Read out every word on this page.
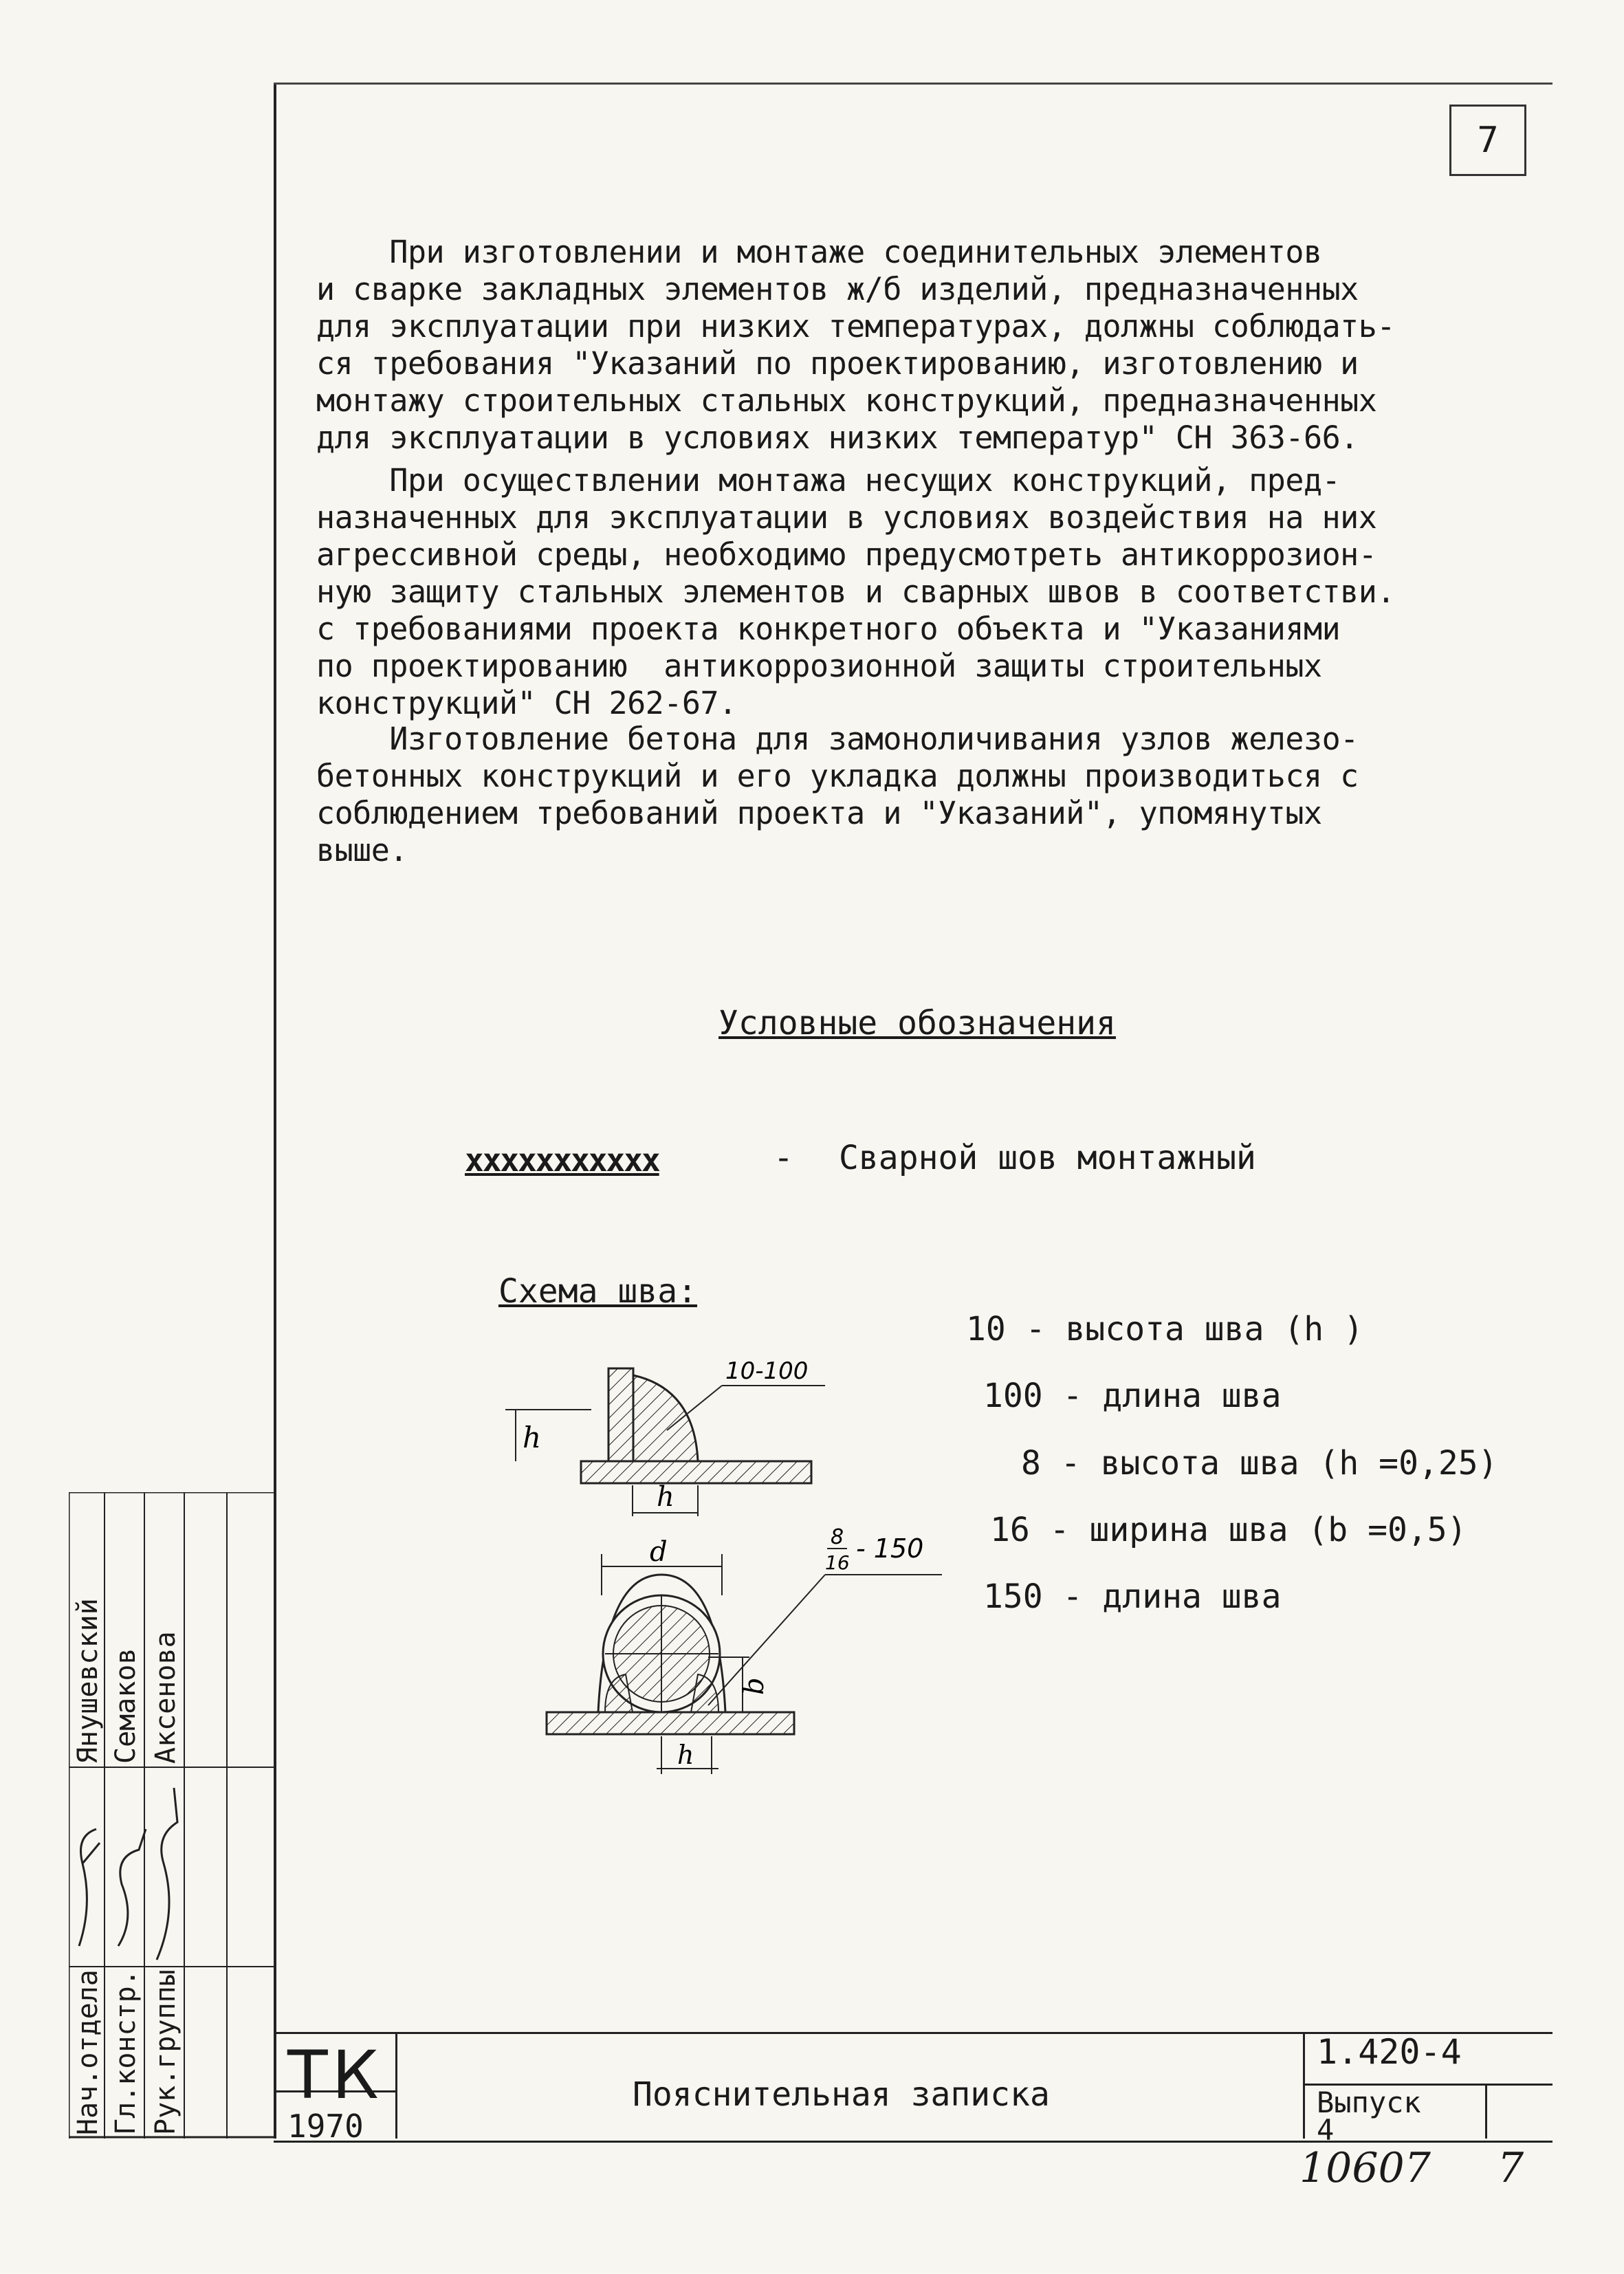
7
При изготовлении и монтаже соединительных элементов
и сварке закладных элементов ж/б изделий, предназначенных
для эксплуатации при низких температурах, должны соблюдать-
ся требования "Указаний по проектированию, изготовлению и
монтажу строительных стальных конструкций, предназначенных
для эксплуатации в условиях низких температур" СН 363-66.
При осуществлении монтажа несущих конструкций, пред-
назначенных для эксплуатации в условиях воздействия на них
агрессивной среды, необходимо предусмотреть антикоррозион-
ную защиту стальных элементов и сварных швов в соответстви.
с требованиями проекта конкретного объекта и "Указаниями
по проектированию  антикоррозионной защиты строительных
конструкций" СН 262-67.
Изготовление бетона для замоноличивания узлов железо-
бетонных конструкций и его укладка должны производиться с
соблюдением требований проекта и "Указаний", упомянутых
выше.
Условные обозначения
xxxxxxxxxxx	- Сварной шов монтажный
Схема шва:
10 - высота шва (h )
100 - длина шва
8 - высота шва (h =0,25)
16 - ширина шва (b =0,5)
150 - длина шва
10-100
h
h
d
b
8
16 - 150
h
Нач.отдела Гл.констр. Рук.группы
Янушевский Семаков Аксенова
ТК
1970
Пояснительная записка
1.420-4
Выпуск
4
10607 7
